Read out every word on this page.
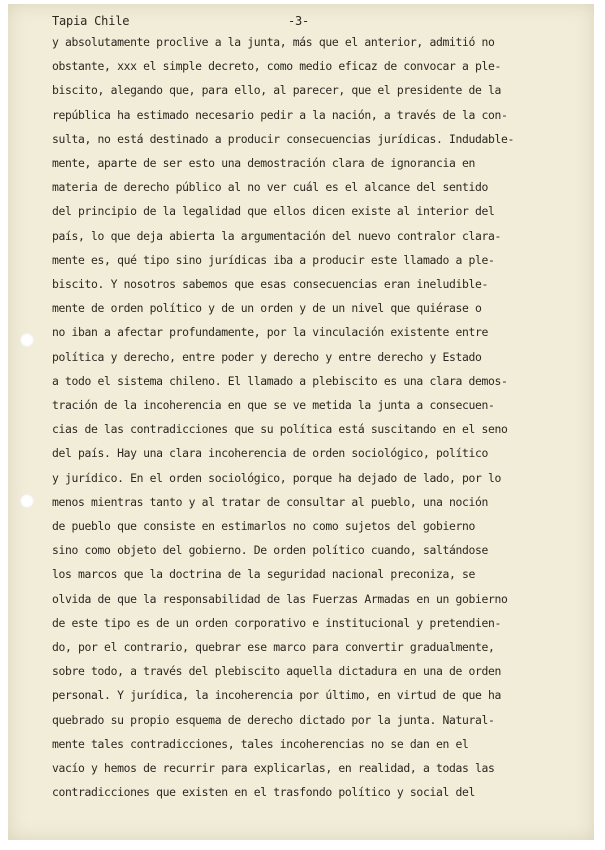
Tapia Chile	-3-
y absolutamente proclive a la junta, más que el anterior, admitió no
obstante, xxx el simple decreto, como medio eficaz de convocar a ple-
biscito, alegando que, para ello, al parecer, que el presidente de la
república ha estimado necesario pedir a la nación, a través de la con-
sulta, no está destinado a producir consecuencias jurídicas. Indudable-
mente, aparte de ser esto una demostración clara de ignorancia en
materia de derecho público al no ver cuál es el alcance del sentido
del principio de la legalidad que ellos dicen existe al interior del
país, lo que deja abierta la argumentación del nuevo contralor clara-
mente es, qué tipo sino jurídicas iba a producir este llamado a ple-
biscito. Y nosotros sabemos que esas consecuencias eran ineludible-
mente de orden político y de un orden y de un nivel que quiérase o
no iban a afectar profundamente, por la vinculación existente entre
política y derecho, entre poder y derecho y entre derecho y Estado
a todo el sistema chileno. El llamado a plebiscito es una clara demos-
tración de la incoherencia en que se ve metida la junta a consecuen-
cias de las contradicciones que su política está suscitando en el seno
del país. Hay una clara incoherencia de orden sociológico, político
y jurídico. En el orden sociológico, porque ha dejado de lado, por lo
menos mientras tanto y al tratar de consultar al pueblo, una noción
de pueblo que consiste en estimarlos no como sujetos del gobierno
sino como objeto del gobierno. De orden político cuando, saltándose
los marcos que la doctrina de la seguridad nacional preconiza, se
olvida de que la responsabilidad de las Fuerzas Armadas en un gobierno
de este tipo es de un orden corporativo e institucional y pretendien-
do, por el contrario, quebrar ese marco para convertir gradualmente,
sobre todo, a través del plebiscito aquella dictadura en una de orden
personal. Y jurídica, la incoherencia por último, en virtud de que ha
quebrado su propio esquema de derecho dictado por la junta. Natural-
mente tales contradicciones, tales incoherencias no se dan en el
vacío y hemos de recurrir para explicarlas, en realidad, a todas las
contradicciones que existen en el trasfondo político y social del
